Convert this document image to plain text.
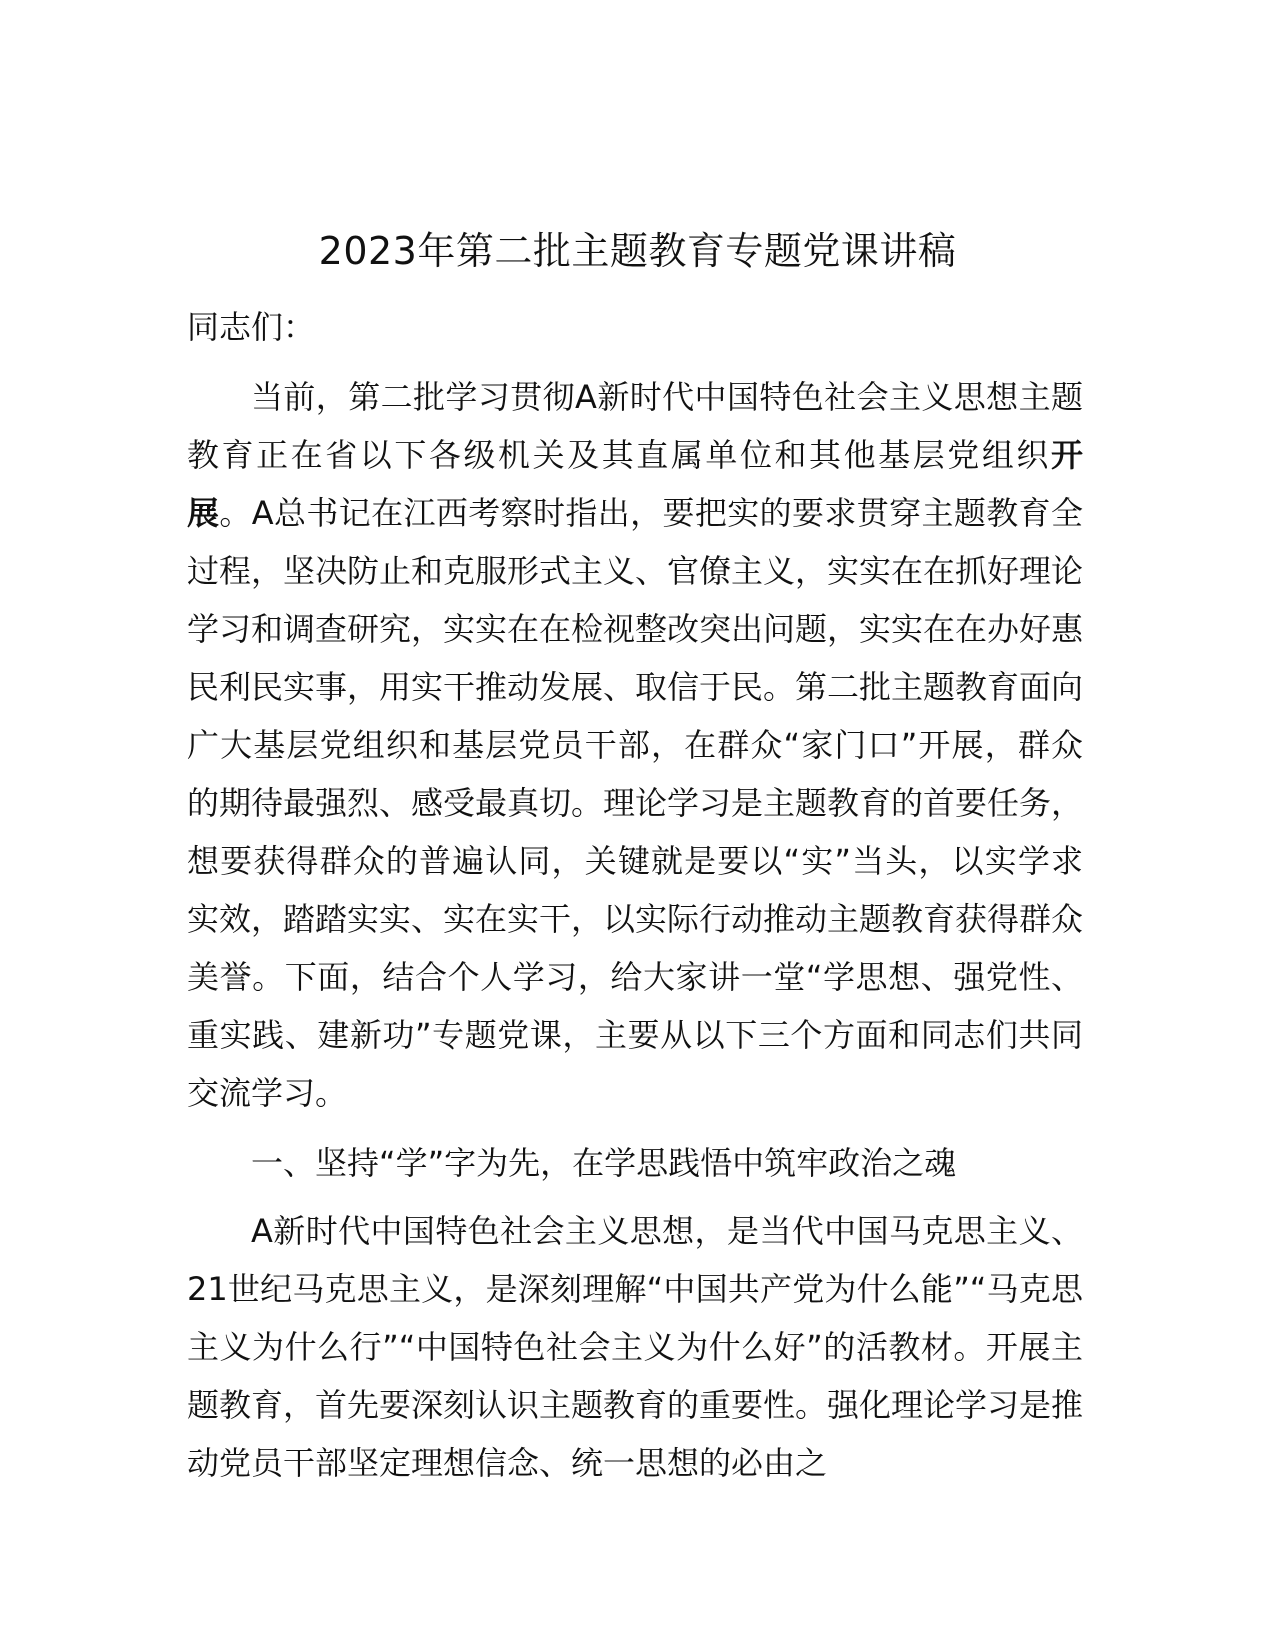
2023年第二批主题教育专题党课讲稿

同志们：

当前，第二批学习贯彻A新时代中国特色社会主义思想主题教育正在省以下各级机关及其直属单位和其他基层党组织开展。A总书记在江西考察时指出，要把实的要求贯穿主题教育全过程，坚决防止和克服形式主义、官僚主义，实实在在抓好理论学习和调查研究，实实在在检视整改突出问题，实实在在办好惠民利民实事，用实干推动发展、取信于民。第二批主题教育面向广大基层党组织和基层党员干部，在群众“家门口”开展，群众的期待最强烈、感受最真切。理论学习是主题教育的首要任务，想要获得群众的普遍认同，关键就是要以“实”当头，以实学求实效，踏踏实实、实在实干，以实际行动推动主题教育获得群众美誉。下面，结合个人学习，给大家讲一堂“学思想、强党性、重实践、建新功”专题党课，主要从以下三个方面和同志们共同交流学习。

一、坚持“学”字为先，在学思践悟中筑牢政治之魂

A新时代中国特色社会主义思想，是当代中国马克思主义、21世纪马克思主义，是深刻理解“中国共产党为什么能”“马克思主义为什么行”“中国特色社会主义为什么好”的活教材。开展主题教育，首先要深刻认识主题教育的重要性。强化理论学习是推动党员干部坚定理想信念、统一思想的必由之
